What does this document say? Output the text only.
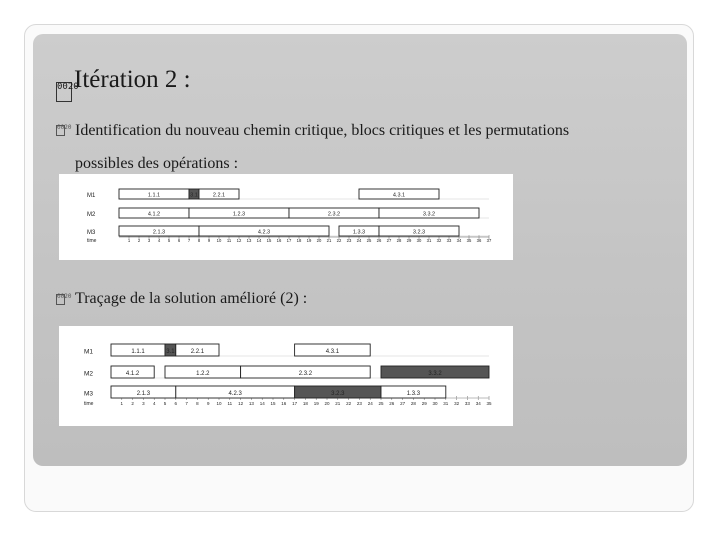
0020Itération 2 :
0020 Identification du nouveau chemin critique, blocs critiques et les permutations
possibles des opérations :
time	1 2 3 4 5 6 7 8 9 10 11 12 13 14 15 16 17 18 19 20 21 22 23 24 25 26 27 28 29 30 31 32 33 34 35 36 37
M1	1.1.1	3.1	2.2.1	4.3.1
M2	4.1.2	1.2.3	2.3.2	3.3.2
M3	2.1.3	4.2.3	1.3.3	3.2.3
0020 Traçage de la solution amélioré (2) :
time	1 2 3 4 5 6 7 8 9 10 11 12 13 14 15 16 17 18 19 20 21 22 23 24 25 26 27 28 29 30 31 32 33 34 35
M1	1.1.1	3.1	2.2.1	4.3.1
M2	4.1.2	1.2.2	2.3.2	3.3.2
M3	2.1.3	4.2.3	3.2.3	1.3.3
